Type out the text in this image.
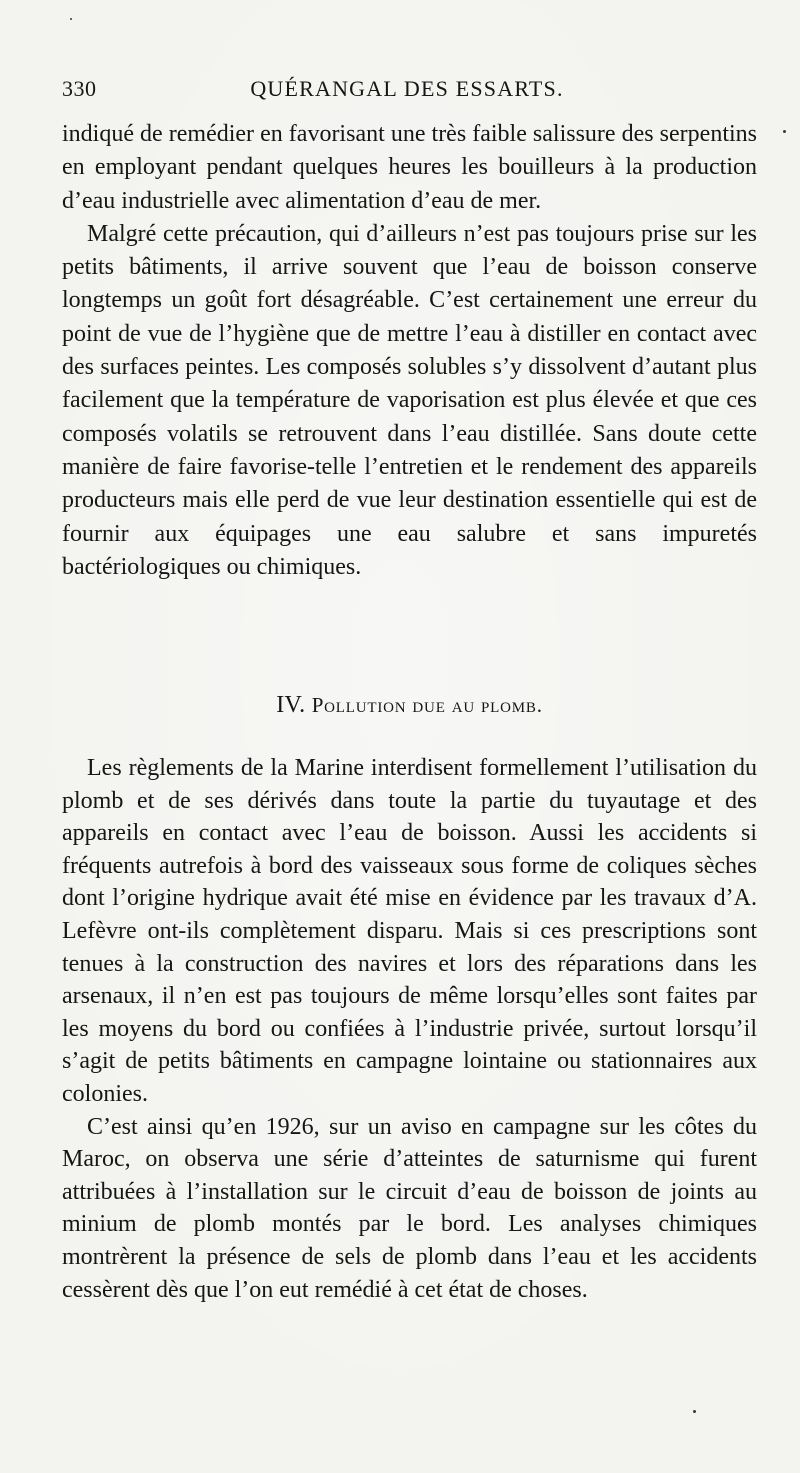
330	QUÉRANGAL DES ESSARTS.

indiqué de remédier en favorisant une très faible salissure des serpentins en employant pendant quelques heures les bouilleurs à la production d’eau industrielle avec alimentation d’eau de mer.

Malgré cette précaution, qui d’ailleurs n’est pas toujours prise sur les petits bâtiments, il arrive souvent que l’eau de boisson conserve longtemps un goût fort désagréable. C’est certainement une erreur du point de vue de l’hygiène que de mettre l’eau à distiller en contact avec des surfaces peintes. Les composés solubles s’y dissolvent d’autant plus facilement que la température de vaporisation est plus élevée et que ces composés volatils se retrouvent dans l’eau distillée. Sans doute cette manière de faire favorise-telle l’entretien et le rendement des appareils producteurs mais elle perd de vue leur destination essentielle qui est de fournir aux équipages une eau salubre et sans impuretés bactériologiques ou chimiques.

IV. Pollution due au plomb.

Les règlements de la Marine interdisent formellement l’utilisation du plomb et de ses dérivés dans toute la partie du tuyautage et des appareils en contact avec l’eau de boisson. Aussi les accidents si fréquents autrefois à bord des vaisseaux sous forme de coliques sèches dont l’origine hydrique avait été mise en évidence par les travaux d’A. Lefèvre ont-ils complètement disparu. Mais si ces prescriptions sont tenues à la construction des navires et lors des réparations dans les arsenaux, il n’en est pas toujours de même lorsqu’elles sont faites par les moyens du bord ou confiées à l’industrie privée, surtout lorsqu’il s’agit de petits bâtiments en campagne lointaine ou stationnaires aux colonies.

C’est ainsi qu’en 1926, sur un aviso en campagne sur les côtes du Maroc, on observa une série d’atteintes de saturnisme qui furent attribuées à l’installation sur le circuit d’eau de boisson de joints au minium de plomb montés par le bord. Les analyses chimiques montrèrent la présence de sels de plomb dans l’eau et les accidents cessèrent dès que l’on eut remédié à cet état de choses.
